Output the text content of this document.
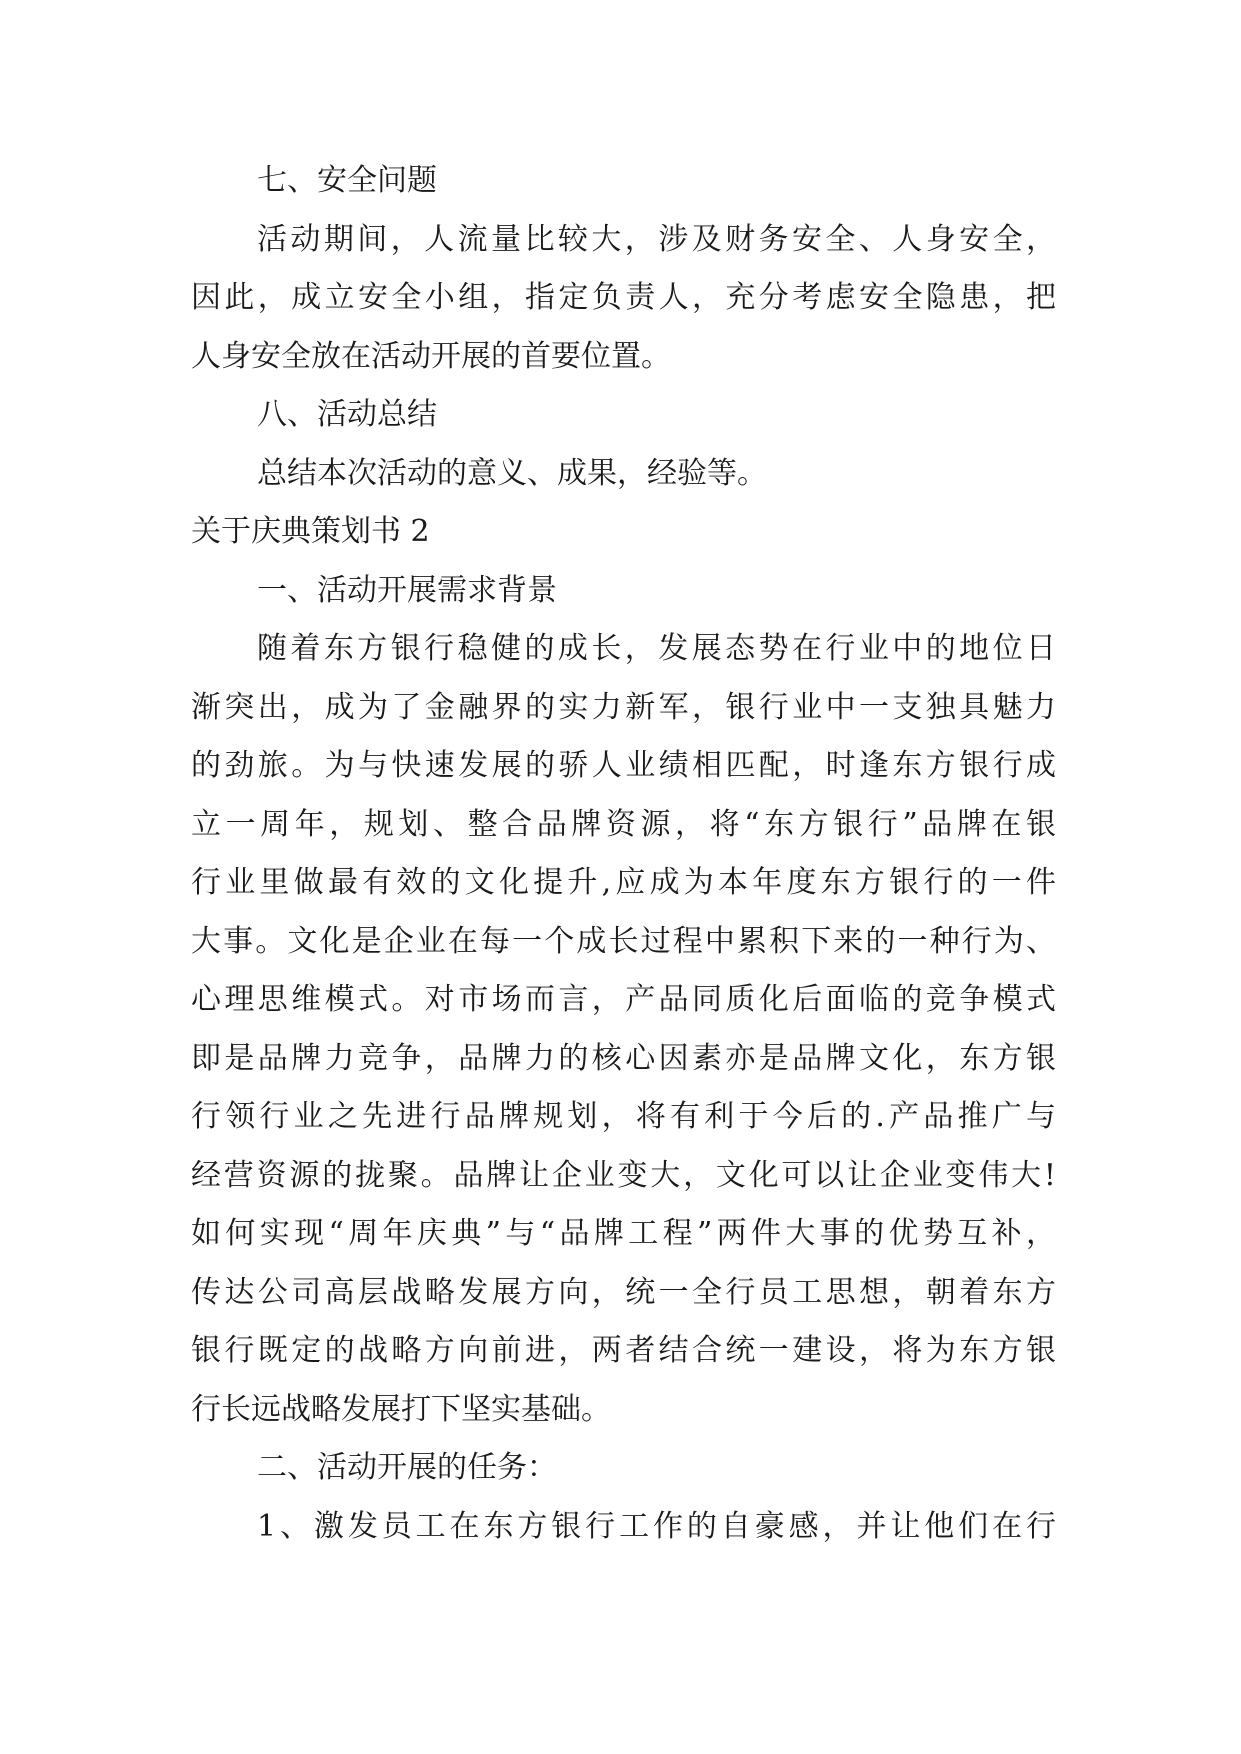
七、安全问题
活动期间，人流量比较大，涉及财务安全、人身安全，
因此，成立安全小组，指定负责人，充分考虑安全隐患，把
人身安全放在活动开展的首要位置。
八、活动总结
总结本次活动的意义、成果，经验等。
关于庆典策划书 2
一、活动开展需求背景
随着东方银行稳健的成长，发展态势在行业中的地位日
渐突出，成为了金融界的实力新军，银行业中一支独具魅力
的劲旅。为与快速发展的骄人业绩相匹配，时逢东方银行成
立一周年，规划、整合品牌资源，将“东方银行”品牌在银
行业里做最有效的文化提升,应成为本年度东方银行的一件
大事。文化是企业在每一个成长过程中累积下来的一种行为、
心理思维模式。对市场而言，产品同质化后面临的竞争模式
即是品牌力竞争，品牌力的核心因素亦是品牌文化，东方银
行领行业之先进行品牌规划，将有利于今后的.产品推广与
经营资源的拢聚。品牌让企业变大，文化可以让企业变伟大!
如何实现“周年庆典”与“品牌工程”两件大事的优势互补，
传达公司高层战略发展方向，统一全行员工思想，朝着东方
银行既定的战略方向前进，两者结合统一建设，将为东方银
行长远战略发展打下坚实基础。
二、活动开展的任务：
1、激发员工在东方银行工作的自豪感，并让他们在行
